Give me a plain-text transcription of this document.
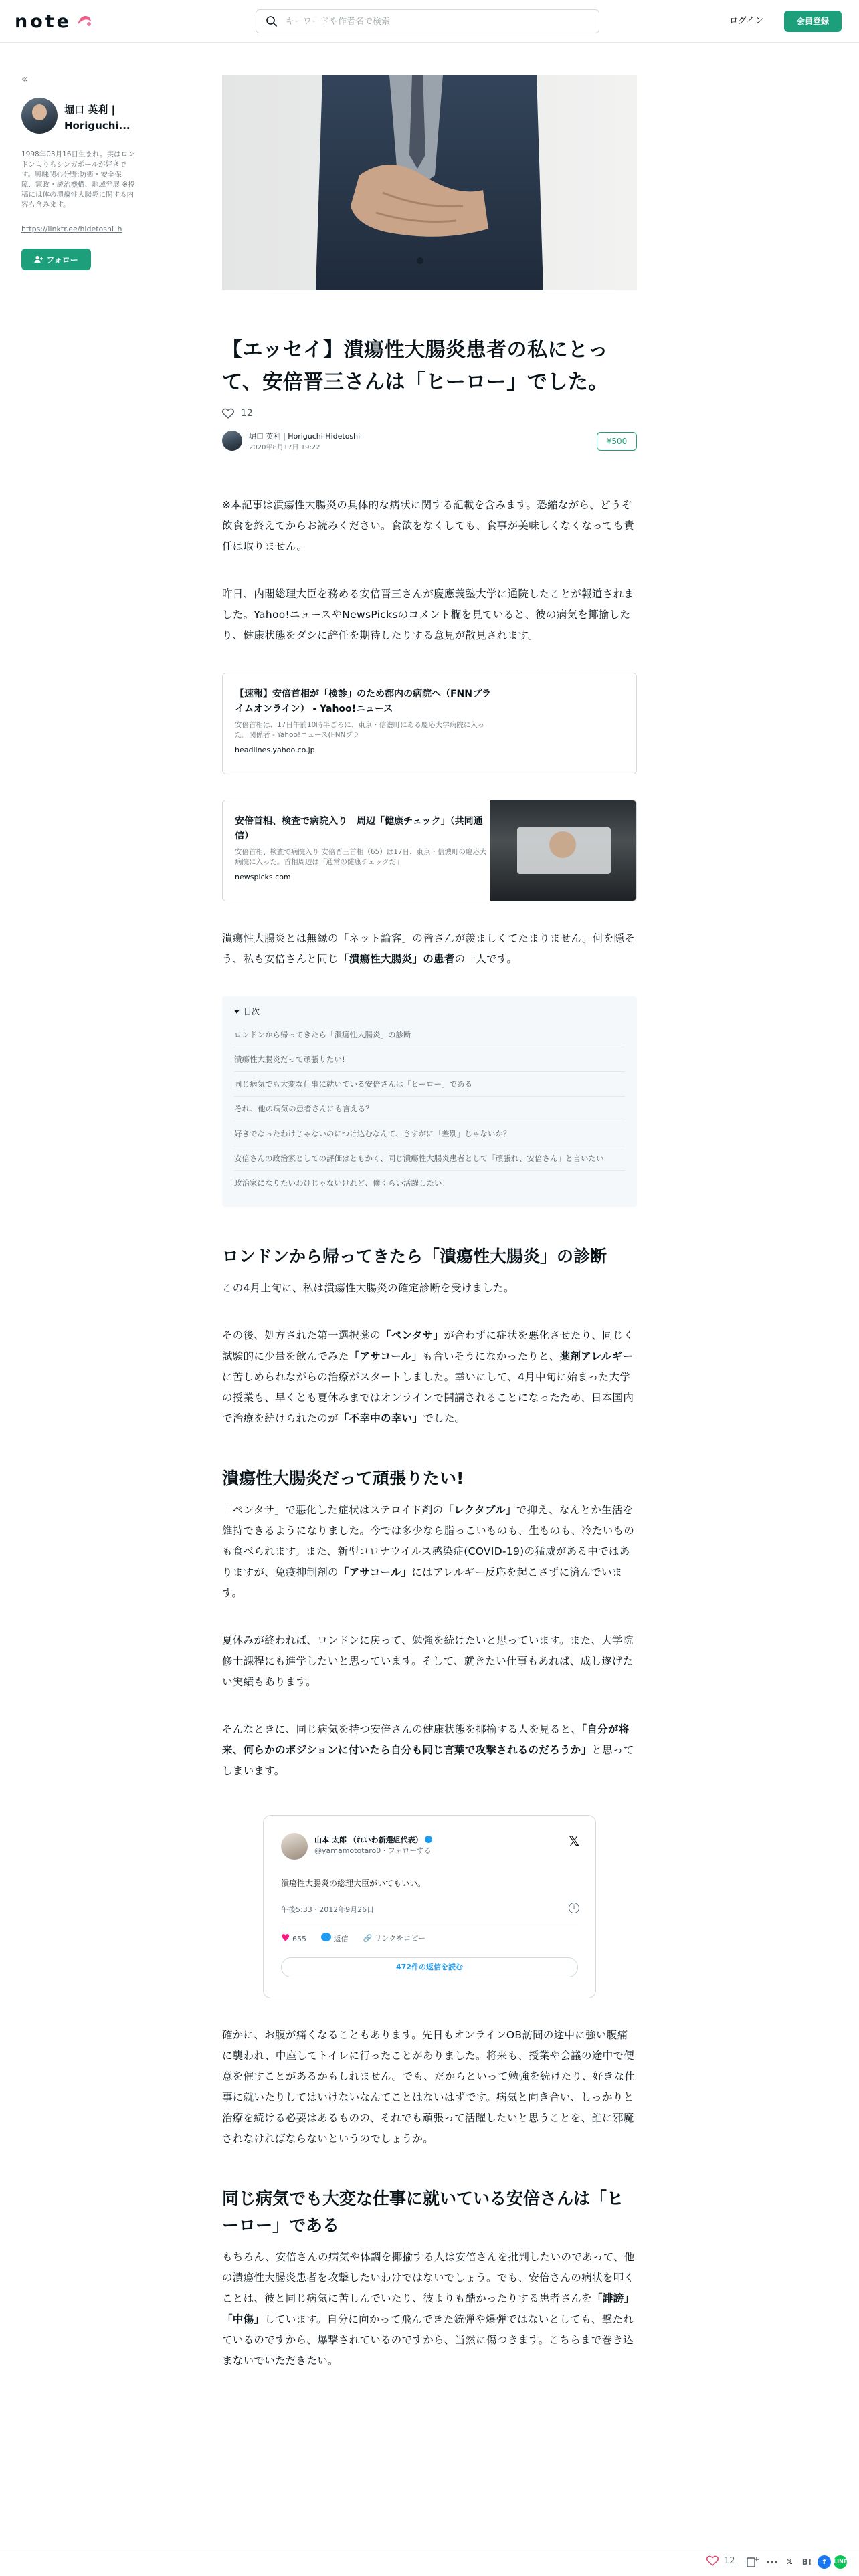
note
キーワードや作者名で検索	ログイン	会員登録
«
堀口 英利 | Horiguchi...
1998年03月16日生まれ。実はロンドンよりもシンガポールが好きです。興味関心分野:防衛・安全保障、憲政・統治機構、地域発展 ※投稿には体の潰瘍性大腸炎に関する内容も含みます。
https://linktr.ee/hidetoshi_h
フォロー
【エッセイ】潰瘍性大腸炎患者の私にとって、安倍晋三さんは「ヒーロー」でした。
12
堀口 英利 | Horiguchi Hidetoshi
2020年8月17日 19:22
¥500

※本記事は潰瘍性大腸炎の具体的な病状に関する記載を含みます。恐縮ながら、どうぞ飲食を終えてからお読みください。食欲をなくしても、食事が美味しくなくなっても責任は取りません。

昨日、内閣総理大臣を務める安倍晋三さんが慶應義塾大学に通院したことが報道されました。Yahoo!ニュースやNewsPicksのコメント欄を見ていると、彼の病気を揶揄したり、健康状態をダシに辞任を期待したりする意見が散見されます。

【速報】安倍首相が「検診」のため都内の病院へ（FNNプライムオンライン） - Yahoo!ニュース
安倍首相は、17日午前10時半ごろに、東京・信濃町にある慶応大学病院に入った。関係者 - Yahoo!ニュース(FNNプラ
headlines.yahoo.co.jp
安倍首相、検査で病院入り　周辺「健康チェック」（共同通信）
安倍首相、検査で病院入り 安倍晋三首相（65）は17日、東京・信濃町の慶応大病院に入った。首相周辺は「通常の健康チェックだ」
newspicks.com

潰瘍性大腸炎とは無縁の「ネット論客」の皆さんが羨ましくてたまりません。何を隠そう、私も安倍さんと同じ「潰瘍性大腸炎」の患者の一人です。

目次
ロンドンから帰ってきたら「潰瘍性大腸炎」の診断
潰瘍性大腸炎だって頑張りたい!
同じ病気でも大変な仕事に就いている安倍さんは「ヒーロー」である
それ、他の病気の患者さんにも言える？
好きでなったわけじゃないのにつけ込むなんて、さすがに「差別」じゃないか？
安倍さんの政治家としての評価はともかく、同じ潰瘍性大腸炎患者として「頑張れ、安倍さん」と言いたい
政治家になりたいわけじゃないけれど、僕くらい活躍したい！
ロンドンから帰ってきたら「潰瘍性大腸炎」の診断

この4月上旬に、私は潰瘍性大腸炎の確定診断を受けました。

その後、処方された第一選択薬の「ペンタサ」が合わずに症状を悪化させたり、同じく試験的に少量を飲んでみた「アサコール」も合いそうになかったりと、薬剤アレルギーに苦しめられながらの治療がスタートしました。幸いにして、4月中旬に始まった大学の授業も、早くとも夏休みまではオンラインで開講されることになったため、日本国内で治療を続けられたのが「不幸中の幸い」でした。

潰瘍性大腸炎だって頑張りたい!

「ペンタサ」で悪化した症状はステロイド剤の「レクタブル」で抑え、なんとか生活を維持できるようになりました。今では多少なら脂っこいものも、生ものも、冷たいものも食べられます。また、新型コロナウイルス感染症(COVID-19)の猛威がある中ではありますが、免疫抑制剤の「アサコール」にはアレルギー反応を起こさずに済んでいます。

夏休みが終われば、ロンドンに戻って、勉強を続けたいと思っています。また、大学院修士課程にも進学したいと思っています。そして、就きたい仕事もあれば、成し遂げたい実績もあります。

そんなときに、同じ病気を持つ安倍さんの健康状態を揶揄する人を見ると、「自分が将来、何らかのポジションに付いたら自分も同じ言葉で攻撃されるのだろうか」と思ってしまいます。

山本 太郎 （れいわ新選組代表）
@yamamototaro0 · フォローする
𝕏
潰瘍性大腸炎の総理大臣がいてもいい。
午後5:33 · 2012年9月26日	i
♥ 655	返信 🔗 リンクをコピー
472件の返信を読む

確かに、お腹が痛くなることもあります。先日もオンラインOB訪問の途中に強い腹痛に襲われ、中座してトイレに行ったことがありました。将来も、授業や会議の途中で便意を催すことがあるかもしれません。でも、だからといって勉強を続けたり、好きな仕事に就いたりしてはいけないなんてことはないはずです。病気と向き合い、しっかりと治療を続ける必要はあるものの、それでも頑張って活躍したいと思うことを、誰に邪魔されなければならないというのでしょうか。

同じ病気でも大変な仕事に就いている安倍さんは「ヒーロー」である

もちろん、安倍さんの病気や体調を揶揄する人は安倍さんを批判したいのであって、他の潰瘍性大腸炎患者を攻撃したいわけではないでしょう。でも、安倍さんの病状を叩くことは、彼と同じ病気に苦しんでいたり、彼よりも酷かったりする患者さんを「誹謗」「中傷」しています。自分に向かって飛んできた銃弾や爆弾ではないとしても、撃たれているのですから、爆撃されているのですから、当然に傷つきます。こちらまで巻き込まないでいただきたい。

12	𝕏	B!	f	LINE
